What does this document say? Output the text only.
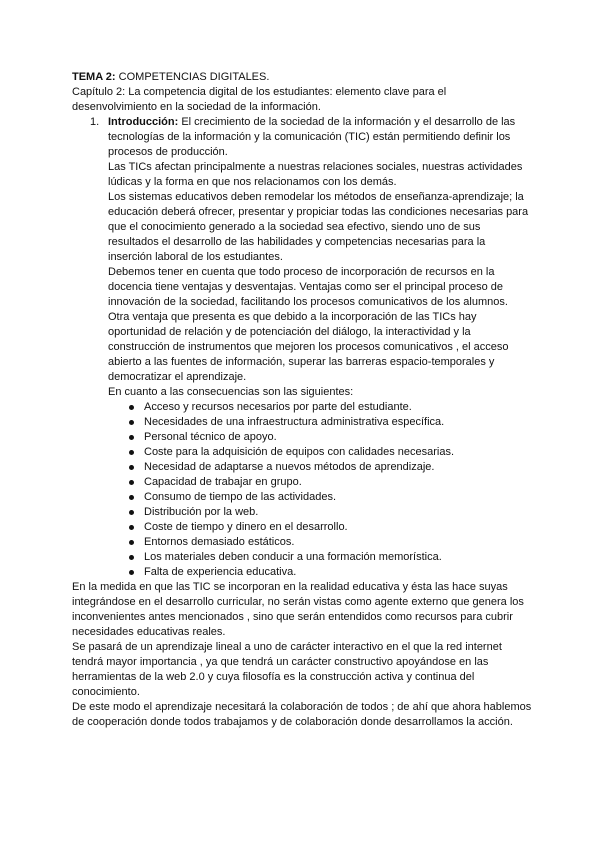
TEMA 2: COMPETENCIAS DIGITALES.

Capítulo 2: La competencia digital de los estudiantes: elemento clave para el desenvolvimiento en la sociedad de la información.

1. Introducción: El crecimiento de la sociedad de la información y el desarrollo de las tecnologías de la información y la comunicación (TIC) están permitiendo definir los procesos de producción.

Las TICs afectan principalmente a nuestras relaciones sociales, nuestras actividades lúdicas y la forma en que nos relacionamos con los demás.

Los sistemas educativos deben remodelar los métodos de enseñanza-aprendizaje; la educación deberá ofrecer, presentar y propiciar todas las condiciones necesarias para que el conocimiento generado a la sociedad sea efectivo, siendo uno de sus resultados el desarrollo de las habilidades y competencias necesarias para la inserción laboral de los estudiantes.

Debemos tener en cuenta que todo proceso de incorporación de recursos en la docencia tiene ventajas y desventajas. Ventajas como ser el principal proceso de innovación de la sociedad, facilitando los procesos comunicativos de los alumnos. Otra ventaja que presenta es que debido a la incorporación de las TICs hay oportunidad de relación y de potenciación del diálogo, la interactividad y la construcción de instrumentos que mejoren los procesos comunicativos , el acceso abierto a las fuentes de información, superar las barreras espacio-temporales y democratizar el aprendizaje.

En cuanto a las consecuencias son las siguientes:

Acceso y recursos necesarios por parte del estudiante.
Necesidades de una infraestructura administrativa específica.
Personal técnico de apoyo.
Coste para la adquisición de equipos con calidades necesarias.
Necesidad de adaptarse a nuevos métodos de aprendizaje.
Capacidad de trabajar en grupo.
Consumo de tiempo de las actividades.
Distribución por la web.
Coste de tiempo y dinero en el desarrollo.
Entornos demasiado estáticos.
Los materiales deben conducir a una formación memorística.
Falta de experiencia educativa.

En la medida en que las TIC se incorporan en la realidad educativa y ésta las hace suyas integrándose en el desarrollo curricular, no serán vistas como agente externo que genera los inconvenientes antes mencionados , sino que serán entendidos como recursos para cubrir necesidades educativas reales.

Se pasará de un aprendizaje lineal a uno de carácter interactivo en el que la red internet tendrá mayor importancia , ya que tendrá un carácter constructivo apoyándose en las herramientas de la web 2.0 y cuya filosofía es la construcción activa y continua del conocimiento.

De este modo el aprendizaje necesitará la colaboración de todos ; de ahí que ahora hablemos de cooperación donde todos trabajamos y de colaboración donde desarrollamos la acción.
